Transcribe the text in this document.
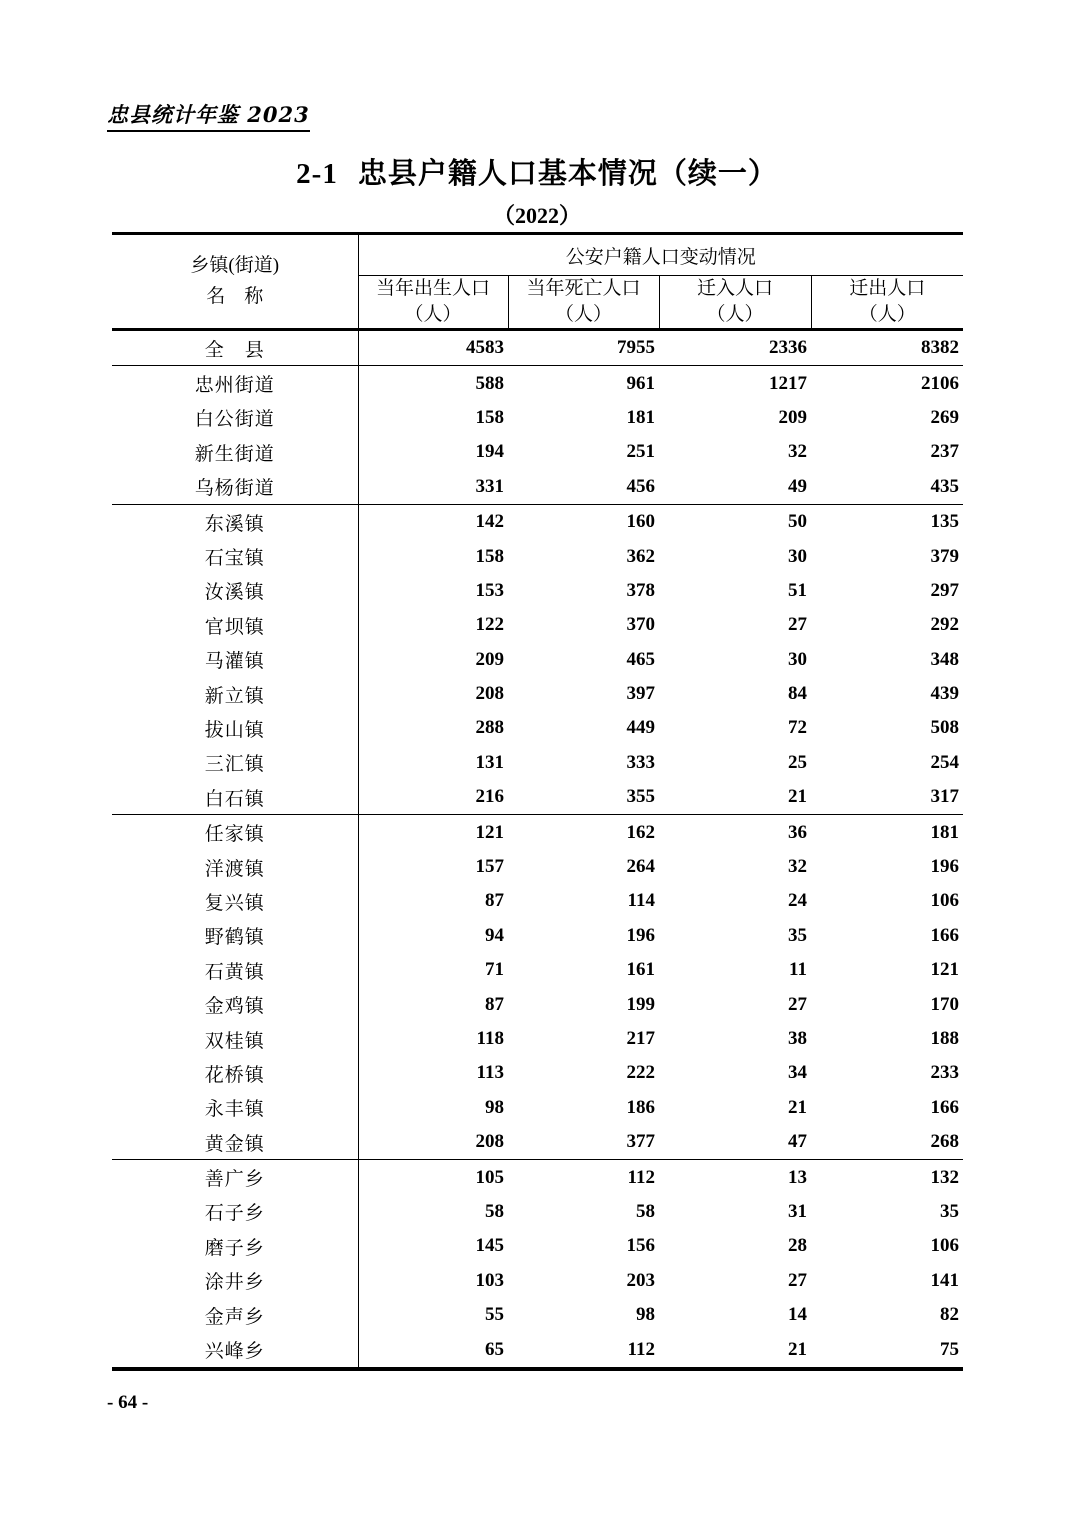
忠县统计年鉴 2023
2-1 忠县户籍人口基本情况（续一）
（2022）
乡镇(街道)
名　称	公安户籍人口变动情况			

当年出生人口
（人）

当年死亡人口
（人）

迁入人口
（人）

迁出人口
（人）

全　县	4583	7955	2336	8382
忠州街道	588	961	1217	2106
白公街道	158	181	209	269
新生街道	194	251	32	237
乌杨街道	331	456	49	435
东溪镇	142	160	50	135
石宝镇	158	362	30	379
汝溪镇	153	378	51	297
官坝镇	122	370	27	292
马灌镇	209	465	30	348
新立镇	208	397	84	439
拔山镇	288	449	72	508
三汇镇	131	333	25	254
白石镇	216	355	21	317
任家镇	121	162	36	181
洋渡镇	157	264	32	196
复兴镇	87	114	24	106
野鹤镇	94	196	35	166
石黄镇	71	161	11	121
金鸡镇	87	199	27	170
双桂镇	118	217	38	188
花桥镇	113	222	34	233
永丰镇	98	186	21	166
黄金镇	208	377	47	268
善广乡	105	112	13	132
石子乡	58	58	31	35
磨子乡	145	156	28	106
涂井乡	103	203	27	141
金声乡	55	98	14	82
兴峰乡	65	112	21	75
- 64 -
